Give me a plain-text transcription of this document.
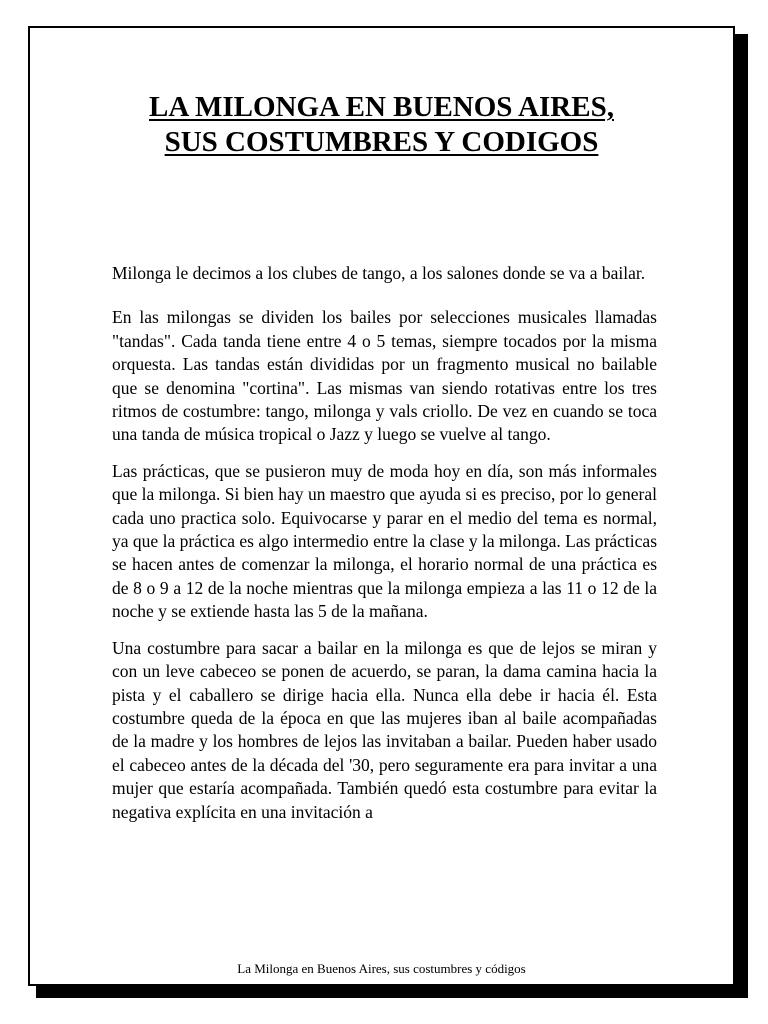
LA MILONGA EN BUENOS AIRES,
SUS COSTUMBRES Y CODIGOS

Milonga le decimos a los clubes de tango, a los salones donde se va a bailar.

En las milongas se dividen los bailes por selecciones musicales llamadas "tandas". Cada tanda tiene entre 4 o 5 temas, siempre tocados por la misma orquesta. Las tandas están divididas por un fragmento musical no bailable que se denomina "cortina". Las mismas van siendo rotativas entre los tres ritmos de costumbre: tango, milonga y vals criollo. De vez en cuando se toca una tanda de música tropical o Jazz y luego se vuelve al tango.

Las prácticas, que se pusieron muy de moda hoy en día, son más informales que la milonga. Si bien hay un maestro que ayuda si es preciso, por lo general cada uno practica solo. Equivocarse y parar en el medio del tema es normal, ya que la práctica es algo intermedio entre la clase y la milonga. Las prácticas se hacen antes de comenzar la milonga, el horario normal de una práctica es de 8 o 9 a 12 de la noche mientras que la milonga empieza a las 11 o 12 de la noche y se extiende hasta las 5 de la mañana.

Una costumbre para sacar a bailar en la milonga es que de lejos se miran y con un leve cabeceo se ponen de acuerdo, se paran, la dama camina hacia la pista y el caballero se dirige hacia ella. Nunca ella debe ir hacia él. Esta costumbre queda de la época en que las mujeres iban al baile acompañadas de la madre y los hombres de lejos las invitaban a bailar. Pueden haber usado el cabeceo antes de la década del '30, pero seguramente era para invitar a una mujer que estaría acompañada. También quedó esta costumbre para evitar la negativa explícita en una invitación a

La Milonga en Buenos Aires, sus costumbres y códigos
